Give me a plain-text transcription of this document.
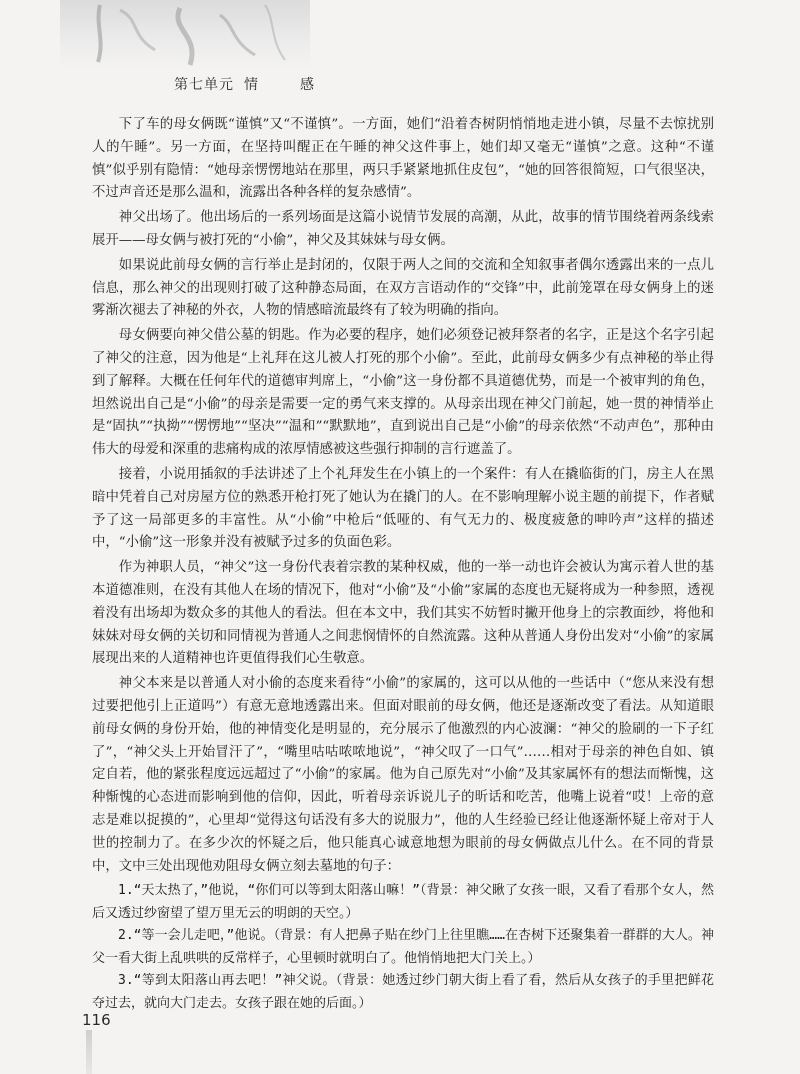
第七单元 情　感

下了车的母女俩既“谨慎”又“不谨慎”。一方面，她们“沿着杏树阴悄悄地走进小镇，尽量不去惊扰别人的午睡”。另一方面，在坚持叫醒正在午睡的神父这件事上，她们却又毫无“谨慎”之意。这种“不谨慎”似乎别有隐情：“她母亲愣愣地站在那里，两只手紧紧地抓住皮包”，“她的回答很简短，口气很坚决，不过声音还是那么温和，流露出各种各样的复杂感情”。

神父出场了。他出场后的一系列场面是这篇小说情节发展的高潮，从此，故事的情节围绕着两条线索展开——母女俩与被打死的“小偷”，神父及其妹妹与母女俩。

如果说此前母女俩的言行举止是封闭的，仅限于两人之间的交流和全知叙事者偶尔透露出来的一点儿信息，那么神父的出现则打破了这种静态局面，在双方言语动作的“交锋”中，此前笼罩在母女俩身上的迷雾渐次褪去了神秘的外衣，人物的情感暗流最终有了较为明确的指向。

母女俩要向神父借公墓的钥匙。作为必要的程序，她们必须登记被拜祭者的名字，正是这个名字引起了神父的注意，因为他是“上礼拜在这儿被人打死的那个小偷”。至此，此前母女俩多少有点神秘的举止得到了解释。大概在任何年代的道德审判席上，“小偷”这一身份都不具道德优势，而是一个被审判的角色，坦然说出自己是“小偷”的母亲是需要一定的勇气来支撑的。从母亲出现在神父门前起，她一贯的神情举止是“固执”“执拗”“愣愣地”“坚决”“温和”“默默地”，直到说出自己是“小偷”的母亲依然“不动声色”，那种由伟大的母爱和深重的悲痛构成的浓厚情感被这些强行抑制的言行遮盖了。

接着，小说用插叙的手法讲述了上个礼拜发生在小镇上的一个案件：有人在撬临街的门，房主人在黑暗中凭着自己对房屋方位的熟悉开枪打死了她认为在撬门的人。在不影响理解小说主题的前提下，作者赋予了这一局部更多的丰富性。从“小偷”中枪后“低哑的、有气无力的、极度疲惫的呻吟声”这样的描述中，“小偷”这一形象并没有被赋予过多的负面色彩。

作为神职人员，“神父”这一身份代表着宗教的某种权威，他的一举一动也许会被认为寓示着人世的基本道德准则，在没有其他人在场的情况下，他对“小偷”及“小偷”家属的态度也无疑将成为一种参照，透视着没有出场却为数众多的其他人的看法。但在本文中，我们其实不妨暂时撇开他身上的宗教面纱，将他和妹妹对母女俩的关切和同情视为普通人之间悲悯情怀的自然流露。这种从普通人身份出发对“小偷”的家属展现出来的人道精神也许更值得我们心生敬意。

神父本来是以普通人对小偷的态度来看待“小偷”的家属的，这可以从他的一些话中（“您从来没有想过要把他引上正道吗”）有意无意地透露出来。但面对眼前的母女俩，他还是逐渐改变了看法。从知道眼前母女俩的身份开始，他的神情变化是明显的，充分展示了他激烈的内心波澜：“神父的脸刷的一下子红了”，“神父头上开始冒汗了”，“嘴里咕咕哝哝地说”，“神父叹了一口气”……相对于母亲的神色自如、镇定自若，他的紧张程度远远超过了“小偷”的家属。他为自己原先对“小偷”及其家属怀有的想法而惭愧，这种惭愧的心态进而影响到他的信仰，因此，听着母亲诉说儿子的昕话和吃苦，他嘴上说着“哎！上帝的意志是难以捉摸的”，心里却“觉得这句话没有多大的说服力”，他的人生经验已经让他逐渐怀疑上帝对于人世的控制力了。在多少次的怀疑之后，他只能真心诚意地想为眼前的母女俩做点儿什么。在不同的背景中，文中三处出现他劝阻母女俩立刻去墓地的句子：

1.“天太热了，”他说，“你们可以等到太阳落山嘛！”（背景：神父瞅了女孩一眼，又看了看那个女人，然后又透过纱窗望了望万里无云的明朗的天空。）

2.“等一会儿走吧，”他说。（背景：有人把鼻子贴在纱门上往里瞧……在杏树下还聚集着一群群的大人。神父一看大街上乱哄哄的反常样子，心里顿时就明白了。他悄悄地把大门关上。）

3.“等到太阳落山再去吧！”神父说。（背景：她透过纱门朝大街上看了看，然后从女孩子的手里把鲜花夺过去，就向大门走去。女孩子跟在她的后面。）

116
